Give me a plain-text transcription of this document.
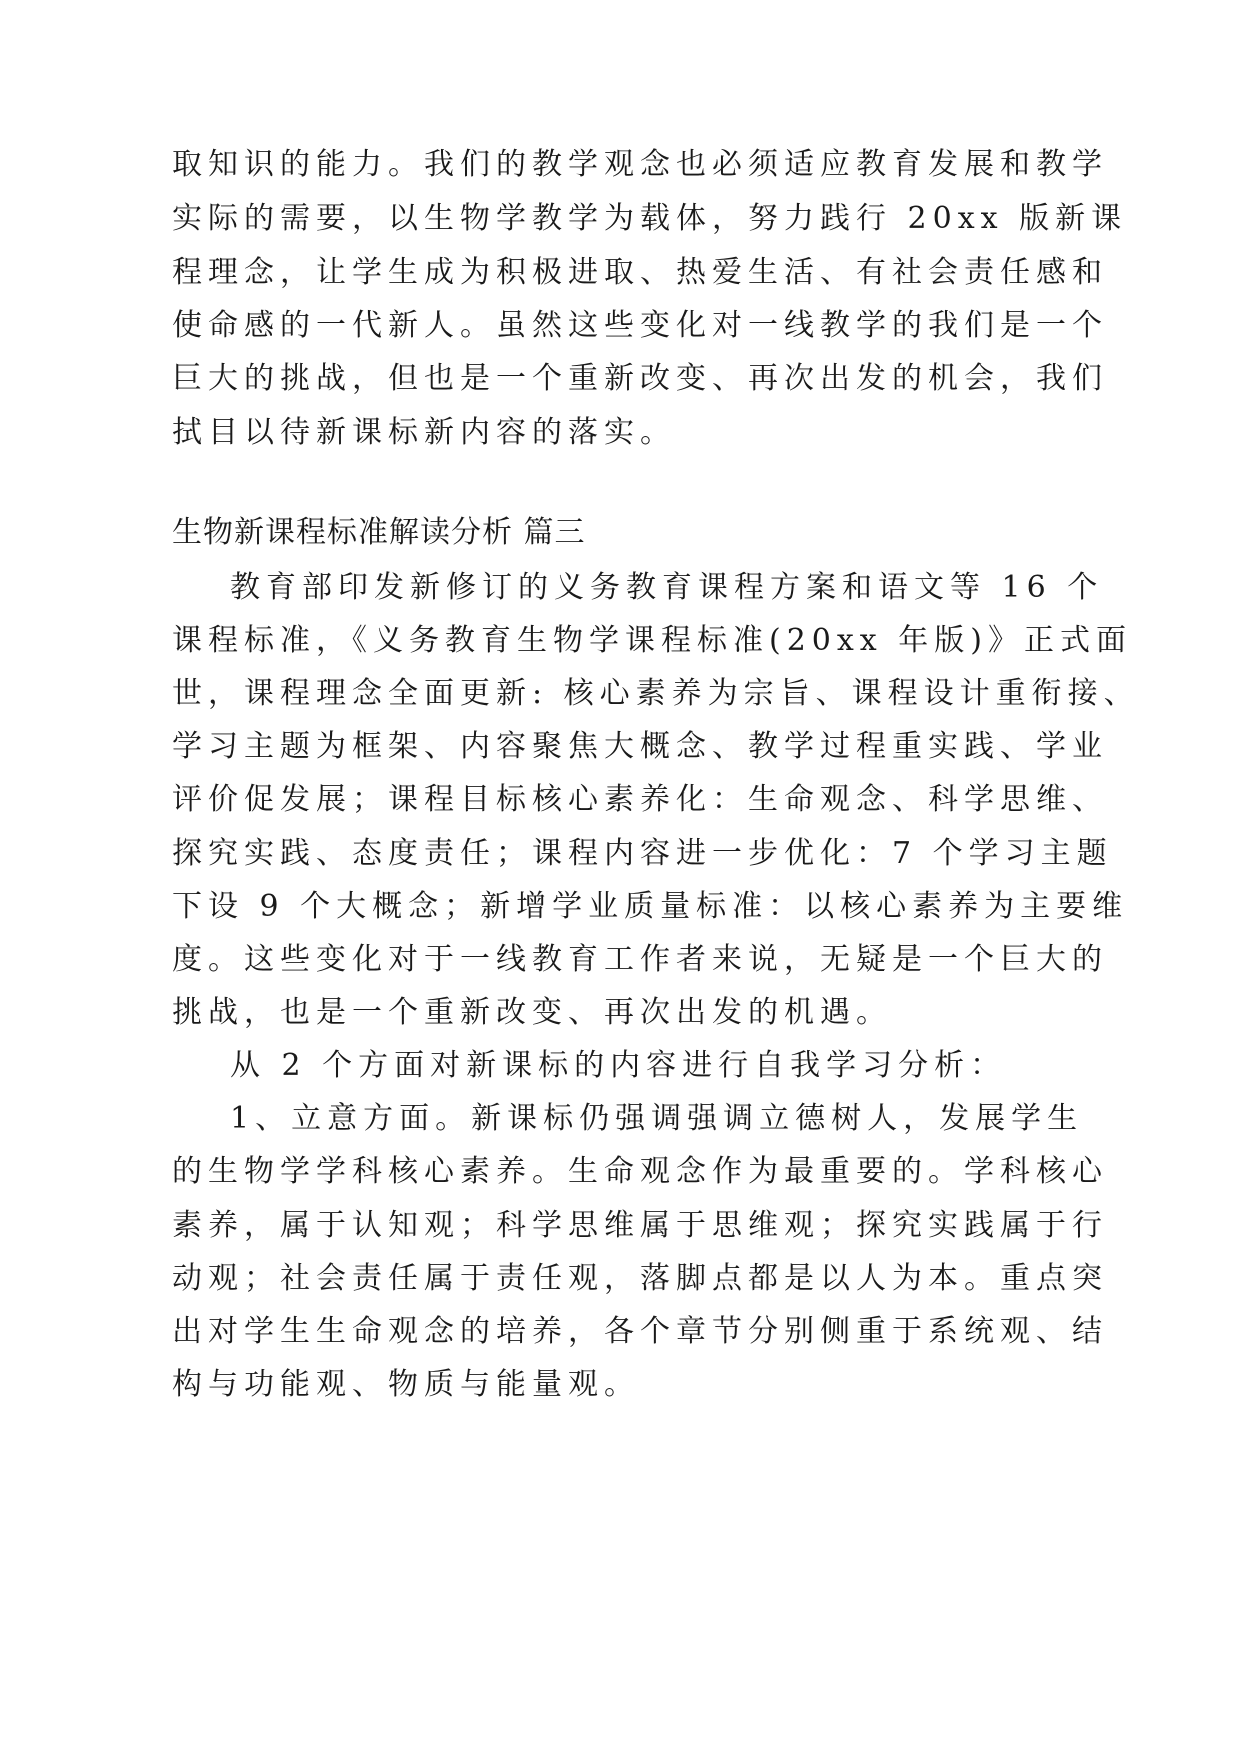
取知识的能力。我们的教学观念也必须适应教育发展和教学

实际的需要，以生物学教学为载体，努力践行 20xx 版新课

程理念，让学生成为积极进取、热爱生活、有社会责任感和

使命感的一代新人。虽然这些变化对一线教学的我们是一个

巨大的挑战，但也是一个重新改变、再次出发的机会，我们

拭目以待新课标新内容的落实。

生物新课程标准解读分析 篇三

教育部印发新修订的义务教育课程方案和语文等 16 个

课程标准，《义务教育生物学课程标准(20xx 年版)》正式面

世，课程理念全面更新: 核心素养为宗旨、课程设计重衔接、

学习主题为框架、内容聚焦大概念、教学过程重实践、学业

评价促发展；课程目标核心素养化：生命观念、科学思维、

探究实践、态度责任；课程内容进一步优化：7 个学习主题

下设 9 个大概念；新增学业质量标准：以核心素养为主要维

度。这些变化对于一线教育工作者来说，无疑是一个巨大的

挑战，也是一个重新改变、再次出发的机遇。

从 2 个方面对新课标的内容进行自我学习分析：

1、立意方面。新课标仍强调强调立德树人，发展学生

的生物学学科核心素养。生命观念作为最重要的。学科核心

素养，属于认知观；科学思维属于思维观；探究实践属于行

动观；社会责任属于责任观，落脚点都是以人为本。重点突

出对学生生命观念的培养，各个章节分别侧重于系统观、结

构与功能观、物质与能量观。
